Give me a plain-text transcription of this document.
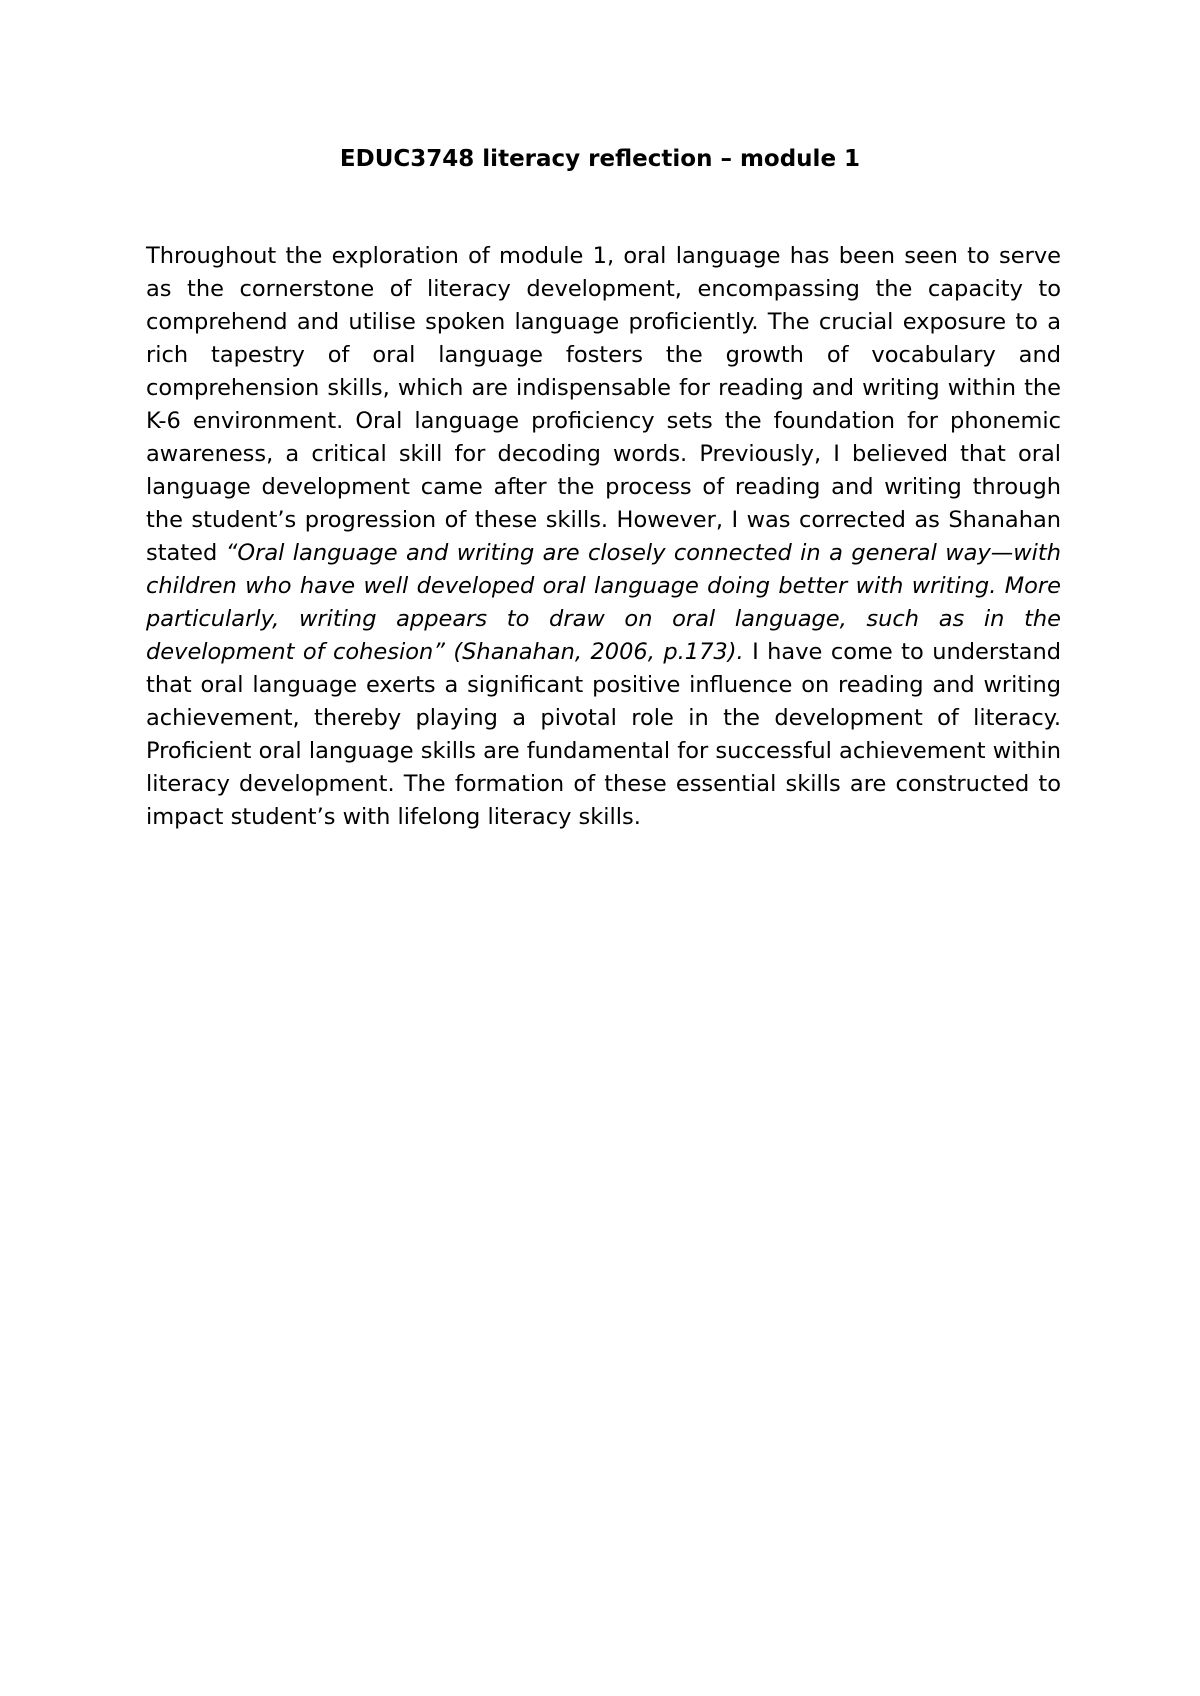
EDUC3748 literacy reflection – module 1

Throughout the exploration of module 1, oral language has been seen to serve as the cornerstone of literacy development, encompassing the capacity to comprehend and utilise spoken language proficiently. The crucial exposure to a rich tapestry of oral language fosters the growth of vocabulary and comprehension skills, which are indispensable for reading and writing within the K-6 environment. Oral language proficiency sets the foundation for phonemic awareness, a critical skill for decoding words. Previously, I believed that oral language development came after the process of reading and writing through the student’s progression of these skills. However, I was corrected as Shanahan stated “Oral language and writing are closely connected in a general way—with children who have well developed oral language doing better with writing. More particularly, writing appears to draw on oral language, such as in the development of cohesion” (Shanahan, 2006, p.173). I have come to understand that oral language exerts a significant positive influence on reading and writing achievement, thereby playing a pivotal role in the development of literacy. Proficient oral language skills are fundamental for successful achievement within literacy development. The formation of these essential skills are constructed to impact student’s with lifelong literacy skills.
